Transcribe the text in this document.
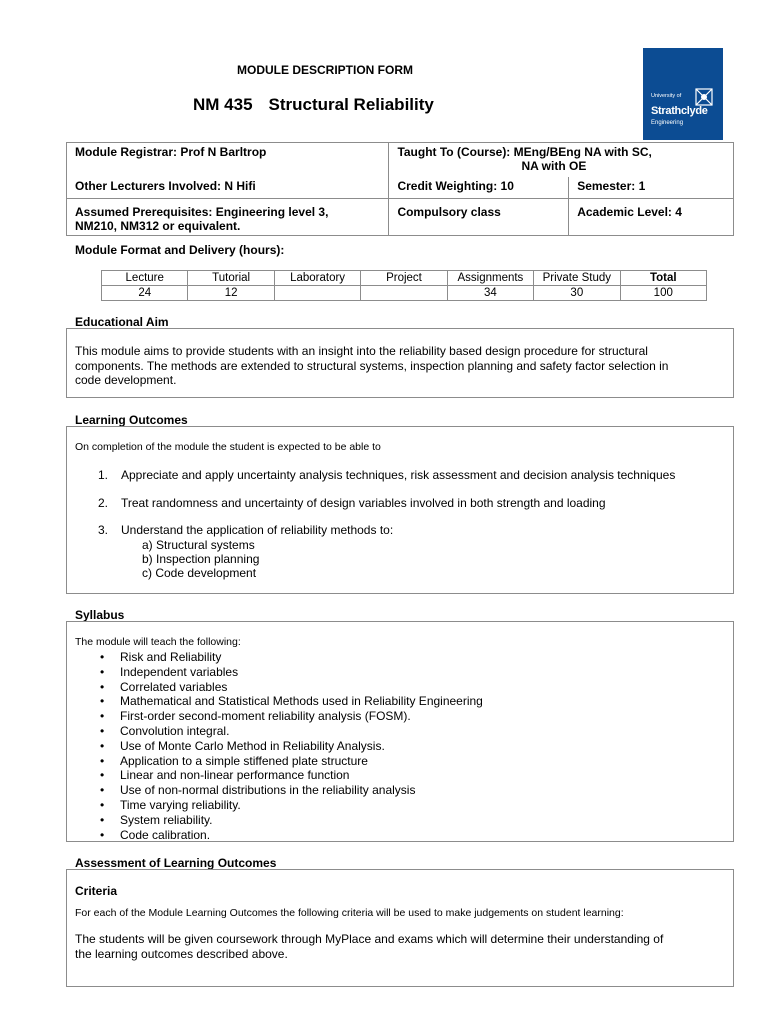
MODULE DESCRIPTION FORM
NM 435 Structural Reliability	University of
Strathclyde
Engineering
Module Registrar: Prof N Barltrop	Taught To (Course): MEng/BEng NA with SC,
NA with OE	

Other Lecturers Involved: N Hifi	Credit Weighting: 10	Semester: 1

Assumed Prerequisites: Engineering level 3,
NM210, NM312 or equivalent.	Compulsory class	Academic Level: 4
Module Format and Delivery (hours):
Lecture	Tutorial	Laboratory	Project	Assignments	Private Study	Total
24	12			34	30	100
Educational Aim
This module aims to provide students with an insight into the reliability based design procedure for structural
components. The methods are extended to structural systems, inspection planning and safety factor selection in
code development.
Learning Outcomes
On completion of the module the student is expected to be able to
1. Appreciate and apply uncertainty analysis techniques, risk assessment and decision analysis techniques
2. Treat randomness and uncertainty of design variables involved in both strength and loading
3. Understand the application of reliability methods to:
a) Structural systems
b) Inspection planning
c) Code development
Syllabus
The module will teach the following:
• Risk and Reliability
• Independent variables
• Correlated variables
• Mathematical and Statistical Methods used in Reliability Engineering
• First-order second-moment reliability analysis (FOSM).
• Convolution integral.
• Use of Monte Carlo Method in Reliability Analysis.
• Application to a simple stiffened plate structure
• Linear and non-linear performance function
• Use of non-normal distributions in the reliability analysis
• Time varying reliability.
• System reliability.
• Code calibration.
Assessment of Learning Outcomes
Criteria
For each of the Module Learning Outcomes the following criteria will be used to make judgements on student learning:
The students will be given coursework through MyPlace and exams which will determine their understanding of
the learning outcomes described above.
